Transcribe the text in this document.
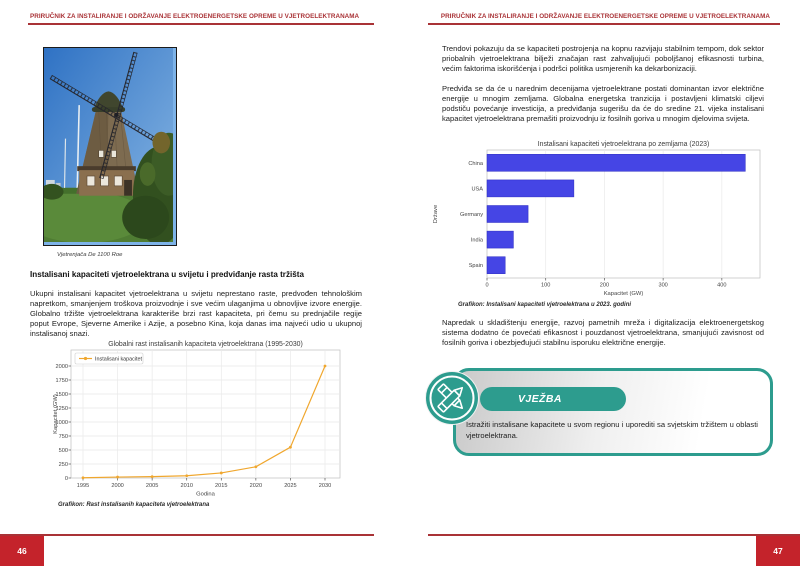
PRIRUČNIK ZA INSTALIRANJE I ODRŽAVANJE ELEKTROENERGETSKE OPREME U VJETROELEKTRANAMA
Vjetrenjača De 1100 Roe
Instalisani kapaciteti vjetroelektrana u svijetu i predviđanje rasta tržišta
Ukupni instalisani kapacitet vjetroelektrana u svijetu neprestano raste, predvođen tehnološkim napretkom, smanjenjem troškova proizvodnje i sve većim ulaganjima u obnovljive izvore energije. Globalno tržište vjetroelektrana karakteriše brzi rast kapaciteta, pri čemu su prednjačile regije poput Evrope, Sjeverne Amerike i Azije, a posebno Kina, koja danas ima najveći udio u ukupnoj instalisanoj snazi.
0
250
500
750
1000
1250
1500
1750
2000
1995	2000	2005	2010	2015	2020	2025	2030
Instalisani kapacitet
Globalni rast instalisanih kapaciteta vjetroelektrana (1995-2030)
Godina
Kapacitet (GW)
Grafikon: Rast instalisanih kapaciteta vjetroelektrana
46
PRIRUČNIK ZA INSTALIRANJE I ODRŽAVANJE ELEKTROENERGETSKE OPREME U VJETROELEKTRANAMA
Trendovi pokazuju da se kapaciteti postrojenja na kopnu razvijaju stabilnim tempom, dok sektor priobalnih vjetroelektrana bilježi značajan rast zahvaljujući poboljšanoj efikasnosti turbina, većim faktorima iskorišćenja i podršci politika usmjerenih ka dekarbonizaciji.
Predviđa se da će u narednim decenijama vjetroelektrane postati dominantan izvor električne energije u mnogim zemljama. Globalna energetska tranzicija i postavljeni klimatski ciljevi podstiču povećanje investicija, a predviđanja sugerišu da će do sredine 21. vijeka instalisani kapacitet vjetroelektrana premašiti proizvodnju iz fosilnih goriva u mnogim djelovima svijeta.
0	100	200	300	400
China
USA
Germany
India
Spain
Instalisani kapaciteti vjetroelektrana po zemljama (2023)
Kapacitet (GW)
Države
Grafikon: Instalisani kapaciteti vjetroelektrana u 2023. godini
Napredak u skladištenju energije, razvoj pametnih mreža i digitalizacija elektroenergetskog sistema dodatno će povećati efikasnost i pouzdanost vjetroelektrana, smanjujući zavisnost od fosilnih goriva i obezbjeđujući stabilnu isporuku električne energije.
VJEŽBA
Istražiti instalisane kapacitete u svom regionu i uporediti sa svjetskim tržištem u oblasti vjetroelektrana.
47
